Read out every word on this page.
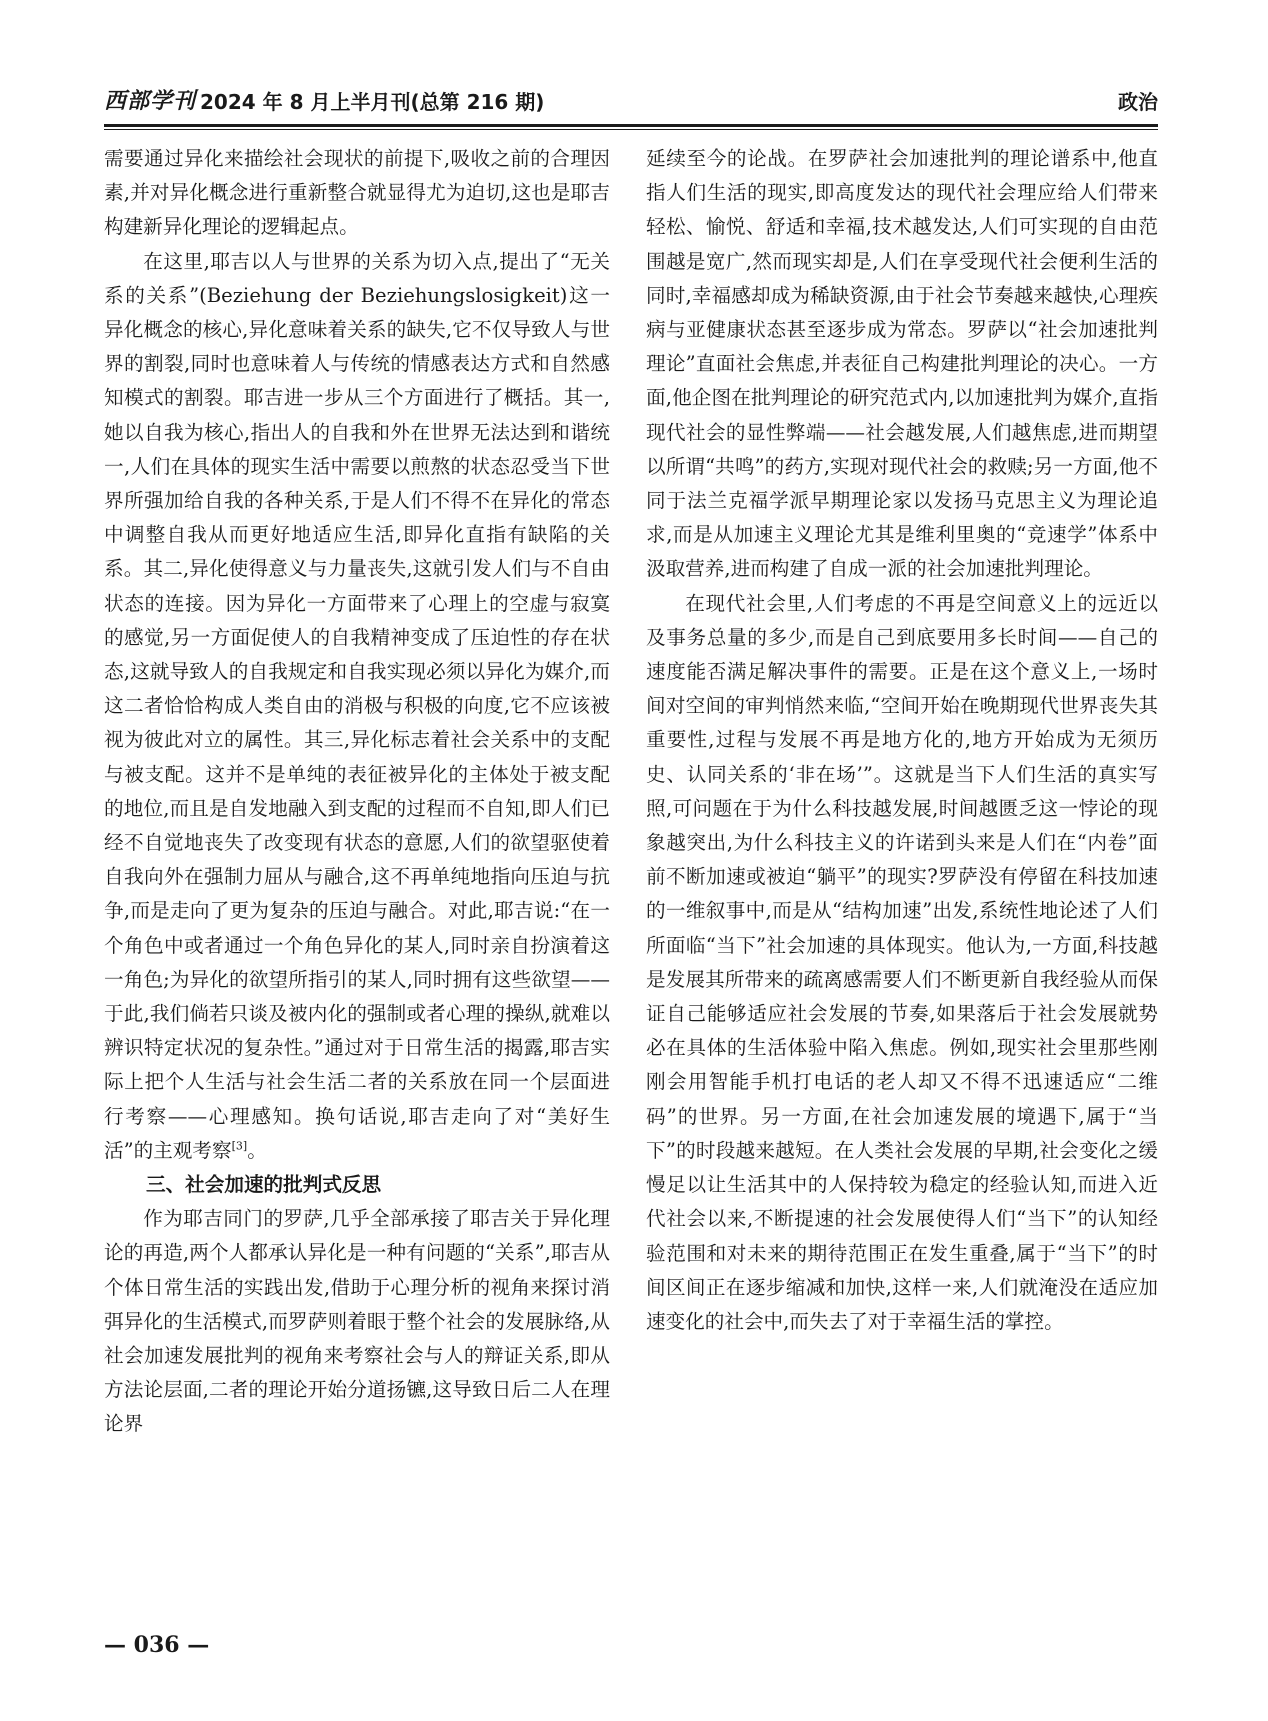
西部学刊 2024 年 8 月上半月刊(总第 216 期)	政治

需要通过异化来描绘社会现状的前提下,吸收之前的合理因素,并对异化概念进行重新整合就显得尤为迫切,这也是耶吉构建新异化理论的逻辑起点。

在这里,耶吉以人与世界的关系为切入点,提出了“无关系的关系”(Beziehung der Beziehungslosigkeit)这一异化概念的核心,异化意味着关系的缺失,它不仅导致人与世界的割裂,同时也意味着人与传统的情感表达方式和自然感知模式的割裂。耶吉进一步从三个方面进行了概括。其一,她以自我为核心,指出人的自我和外在世界无法达到和谐统一,人们在具体的现实生活中需要以煎熬的状态忍受当下世界所强加给自我的各种关系,于是人们不得不在异化的常态中调整自我从而更好地适应生活,即异化直指有缺陷的关系。其二,异化使得意义与力量丧失,这就引发人们与不自由状态的连接。因为异化一方面带来了心理上的空虚与寂寞的感觉,另一方面促使人的自我精神变成了压迫性的存在状态,这就导致人的自我规定和自我实现必须以异化为媒介,而这二者恰恰构成人类自由的消极与积极的向度,它不应该被视为彼此对立的属性。其三,异化标志着社会关系中的支配与被支配。这并不是单纯的表征被异化的主体处于被支配的地位,而且是自发地融入到支配的过程而不自知,即人们已经不自觉地丧失了改变现有状态的意愿,人们的欲望驱使着自我向外在强制力屈从与融合,这不再单纯地指向压迫与抗争,而是走向了更为复杂的压迫与融合。对此,耶吉说:“在一个角色中或者通过一个角色异化的某人,同时亲自扮演着这一角色;为异化的欲望所指引的某人,同时拥有这些欲望——于此,我们倘若只谈及被内化的强制或者心理的操纵,就难以辨识特定状况的复杂性。”通过对于日常生活的揭露,耶吉实际上把个人生活与社会生活二者的关系放在同一个层面进行考察——心理感知。换句话说,耶吉走向了对“美好生活”的主观考察[3]。

三、社会加速的批判式反思

作为耶吉同门的罗萨,几乎全部承接了耶吉关于异化理论的再造,两个人都承认异化是一种有问题的“关系”,耶吉从个体日常生活的实践出发,借助于心理分析的视角来探讨消弭异化的生活模式,而罗萨则着眼于整个社会的发展脉络,从社会加速发展批判的视角来考察社会与人的辩证关系,即从方法论层面,二者的理论开始分道扬镳,这导致日后二人在理论界

延续至今的论战。在罗萨社会加速批判的理论谱系中,他直指人们生活的现实,即高度发达的现代社会理应给人们带来轻松、愉悦、舒适和幸福,技术越发达,人们可实现的自由范围越是宽广,然而现实却是,人们在享受现代社会便利生活的同时,幸福感却成为稀缺资源,由于社会节奏越来越快,心理疾病与亚健康状态甚至逐步成为常态。罗萨以“社会加速批判理论”直面社会焦虑,并表征自己构建批判理论的决心。一方面,他企图在批判理论的研究范式内,以加速批判为媒介,直指现代社会的显性弊端——社会越发展,人们越焦虑,进而期望以所谓“共鸣”的药方,实现对现代社会的救赎;另一方面,他不同于法兰克福学派早期理论家以发扬马克思主义为理论追求,而是从加速主义理论尤其是维利里奥的“竞速学”体系中汲取营养,进而构建了自成一派的社会加速批判理论。

在现代社会里,人们考虑的不再是空间意义上的远近以及事务总量的多少,而是自己到底要用多长时间——自己的速度能否满足解决事件的需要。正是在这个意义上,一场时间对空间的审判悄然来临,“空间开始在晚期现代世界丧失其重要性,过程与发展不再是地方化的,地方开始成为无须历史、认同关系的‘非在场’”。这就是当下人们生活的真实写照,可问题在于为什么科技越发展,时间越匮乏这一悖论的现象越突出,为什么科技主义的许诺到头来是人们在“内卷”面前不断加速或被迫“躺平”的现实?罗萨没有停留在科技加速的一维叙事中,而是从“结构加速”出发,系统性地论述了人们所面临“当下”社会加速的具体现实。他认为,一方面,科技越是发展其所带来的疏离感需要人们不断更新自我经验从而保证自己能够适应社会发展的节奏,如果落后于社会发展就势必在具体的生活体验中陷入焦虑。例如,现实社会里那些刚刚会用智能手机打电话的老人却又不得不迅速适应“二维码”的世界。另一方面,在社会加速发展的境遇下,属于“当下”的时段越来越短。在人类社会发展的早期,社会变化之缓慢足以让生活其中的人保持较为稳定的经验认知,而进入近代社会以来,不断提速的社会发展使得人们“当下”的认知经验范围和对未来的期待范围正在发生重叠,属于“当下”的时间区间正在逐步缩减和加快,这样一来,人们就淹没在适应加速变化的社会中,而失去了对于幸福生活的掌控。

— 036 —
